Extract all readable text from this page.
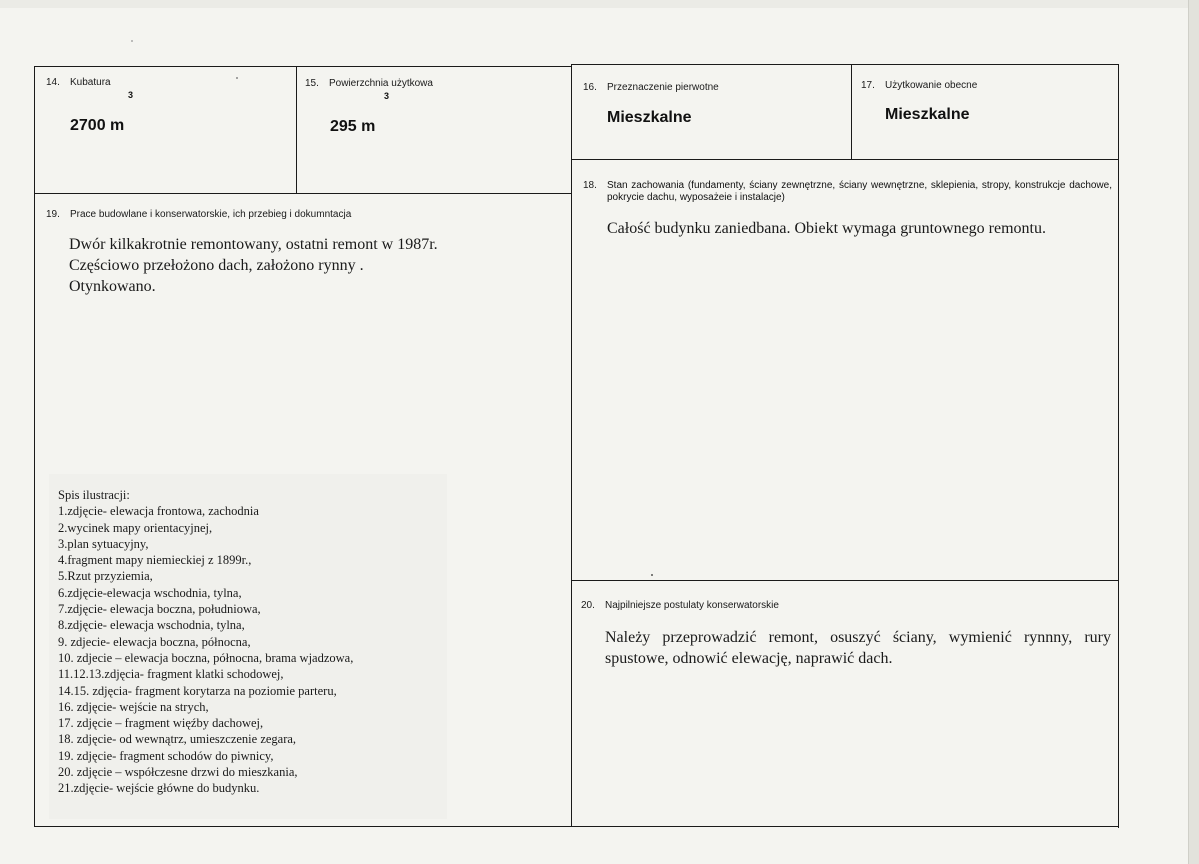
14. Kubatura
3
2700 m
15. Powierzchnia użytkowa
3
295 m
16. Przeznaczenie pierwotne
Mieszkalne
17. Użytkowanie obecne
Mieszkalne
18. Stan zachowania (fundamenty, ściany zewnętrzne, ściany wewnętrzne, sklepienia, stropy, konstrukcje dachowe, pokrycie dachu, wyposażeie i instalacje)
Całość budynku zaniedbana. Obiekt wymaga gruntownego remontu.
19. Prace budowlane i konserwatorskie, ich przebieg i dokumntacja
Dwór kilkakrotnie remontowany, ostatni remont w 1987r.
Częściowo przełożono dach, założono rynny .
Otynkowano.
Spis ilustracji:
1.zdjęcie- elewacja frontowa, zachodnia
2.wycinek mapy orientacyjnej,
3.plan sytuacyjny,
4.fragment mapy niemieckiej z 1899r.,
5.Rzut przyziemia,
6.zdjęcie-elewacja wschodnia, tylna,
7.zdjęcie- elewacja boczna, południowa,
8.zdjęcie- elewacja wschodnia, tylna,
9. zdjecie- elewacja boczna, północna,
10. zdjecie – elewacja boczna, północna, brama wjadzowa,
11.12.13.zdjęcia- fragment klatki schodowej,
14.15. zdjęcia- fragment korytarza na poziomie parteru,
16. zdjęcie- wejście na strych,
17. zdjęcie – fragment więźby dachowej,
18. zdjęcie- od wewnątrz, umieszczenie zegara,
19. zdjęcie- fragment schodów do piwnicy,
20. zdjęcie – współczesne drzwi do mieszkania,
21.zdjęcie- wejście główne do budynku.
20. Najpilniejsze postulaty konserwatorskie
Należy przeprowadzić remont, osuszyć ściany, wymienić rynnny, rury spustowe, odnowić elewację, naprawić dach.
